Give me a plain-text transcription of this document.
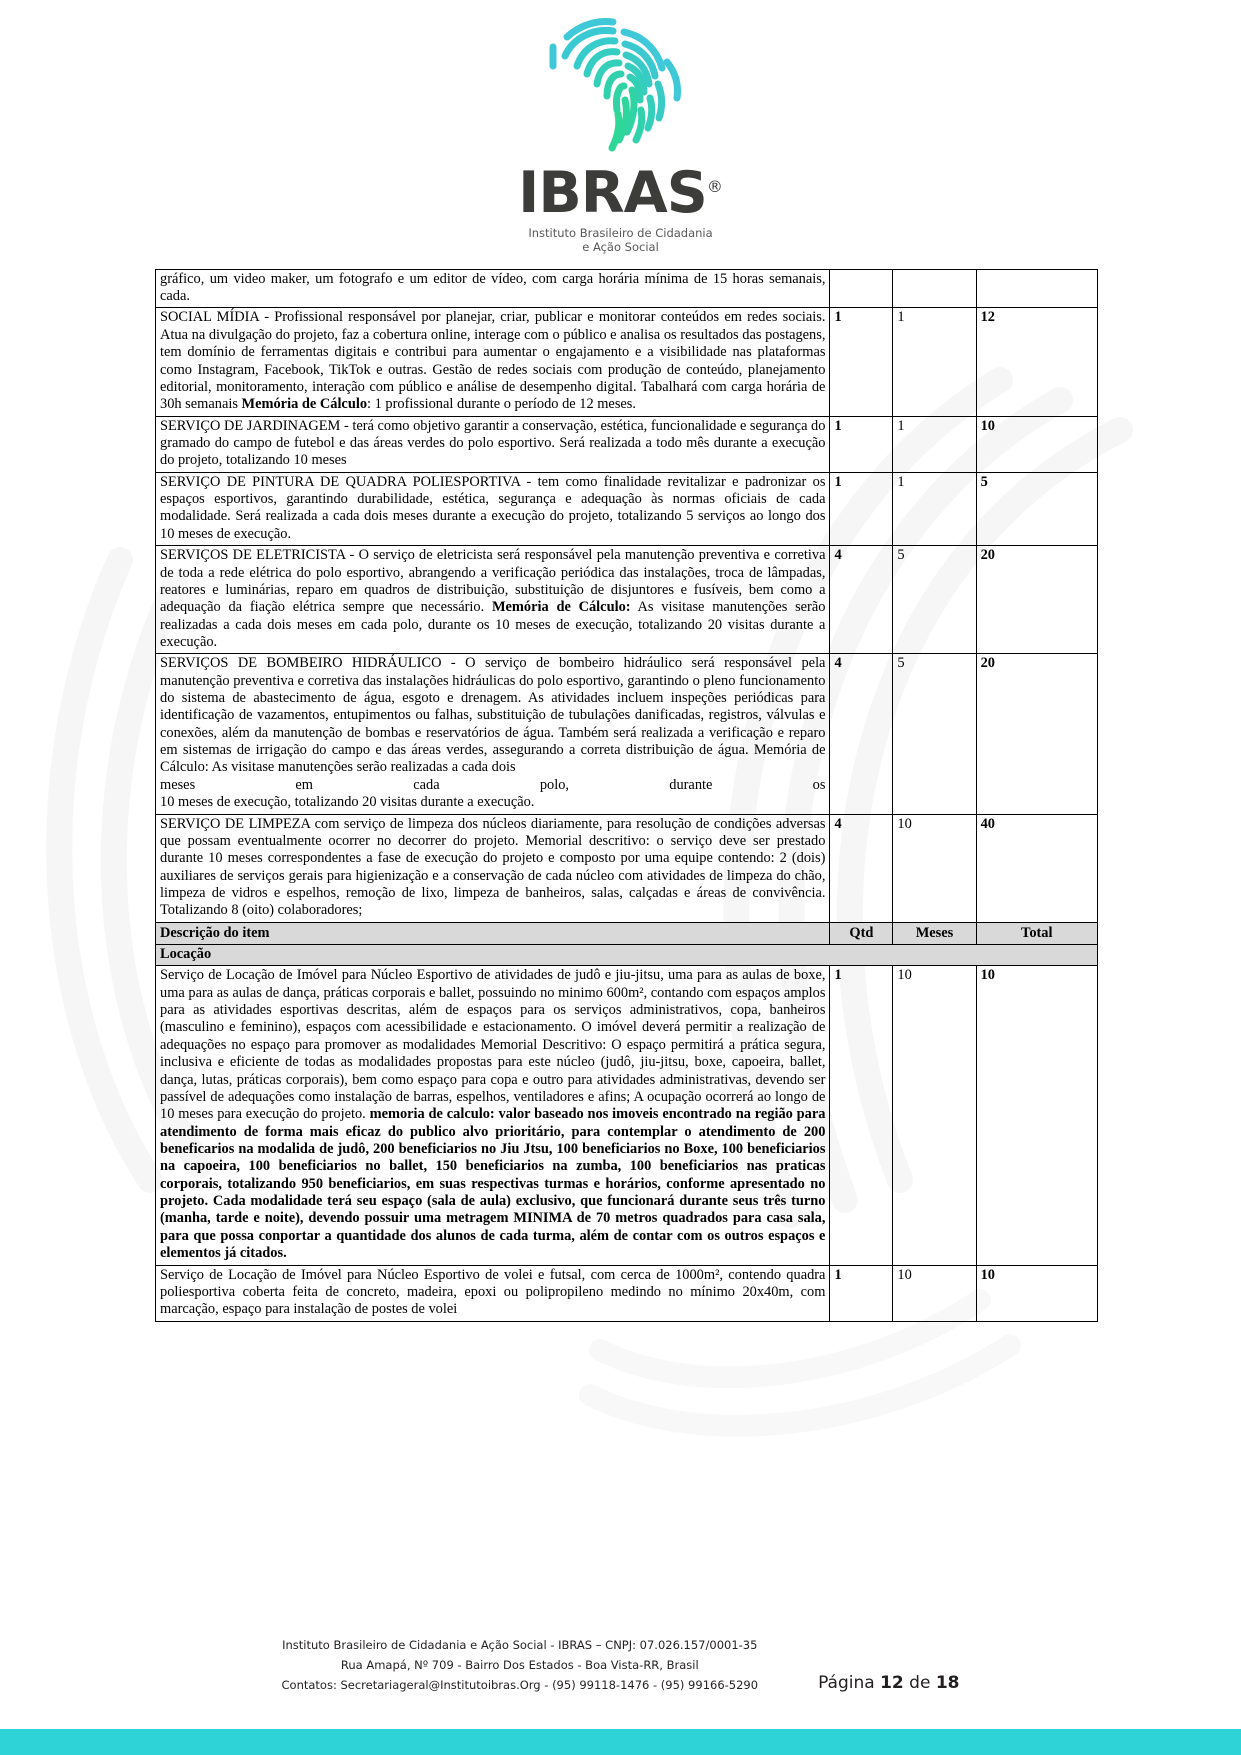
IBRAS®
Instituto Brasileiro de Cidadania
e Ação Social
gráfico, um video maker, um fotografo e um editor de vídeo, com carga horária mínima de 15 horas semanais, cada.			

SOCIAL MÍDIA - Profissional responsável por planejar, criar, publicar e monitorar conteúdos em redes sociais. Atua na divulgação do projeto, faz a cobertura online, interage com o público e analisa os resultados das postagens, tem domínio de ferramentas digitais e contribui para aumentar o engajamento e a visibilidade nas plataformas como Instagram, Facebook, TikTok e outras. Gestão de redes sociais com produção de conteúdo, planejamento editorial, monitoramento, interação com público e análise de desempenho digital. Tabalhará com carga horária de 30h semanais Memória de Cálculo: 1 profissional durante o período de 12 meses.	1	1	12

SERVIÇO DE JARDINAGEM - terá como objetivo garantir a conservação, estética, funcionalidade e segurança do gramado do campo de futebol e das áreas verdes do polo esportivo. Será realizada a todo mês durante a execução do projeto, totalizando 10 meses	1	1	10

SERVIÇO DE PINTURA DE QUADRA POLIESPORTIVA - tem como finalidade revitalizar e padronizar os espaços esportivos, garantindo durabilidade, estética, segurança e adequação às normas oficiais de cada modalidade. Será realizada a cada dois meses durante a execução do projeto, totalizando 5 serviços ao longo dos 10 meses de execução.	1	1	5

SERVIÇOS DE ELETRICISTA - O serviço de eletricista será responsável pela manutenção preventiva e corretiva de toda a rede elétrica do polo esportivo, abrangendo a verificação periódica das instalações, troca de lâmpadas, reatores e luminárias, reparo em quadros de distribuição, substituição de disjuntores e fusíveis, bem como a adequação da fiação elétrica sempre que necessário. Memória de Cálculo: As visitase manutenções serão realizadas a cada dois meses em cada polo, durante os 10 meses de execução, totalizando 20 visitas durante a execução.	4	5	20

SERVIÇOS DE BOMBEIRO HIDRÁULICO - O serviço de bombeiro hidráulico será responsável pela manutenção preventiva e corretiva das instalações hidráulicas do polo esportivo, garantindo o pleno funcionamento do sistema de abastecimento de água, esgoto e drenagem. As atividades incluem inspeções periódicas para identificação de vazamentos, entupimentos ou falhas, substituição de tubulações danificadas, registros, válvulas e conexões, além da manutenção de bombas e reservatórios de água. Também será realizada a verificação e reparo em sistemas de irrigação do campo e das áreas verdes, assegurando a correta distribuição de água. Memória de Cálculo: As visitase manutenções serão realizadas a cada dois

meses em cada polo, durante os

10 meses de execução, totalizando 20 visitas durante a execução.	4	5	20

SERVIÇO DE LIMPEZA com serviço de limpeza dos núcleos diariamente, para resolução de condições adversas que possam eventualmente ocorrer no decorrer do projeto. Memorial descritivo: o serviço deve ser prestado durante 10 meses correspondentes a fase de execução do projeto e composto por uma equipe contendo: 2 (dois) auxiliares de serviços gerais para higienização e a conservação de cada núcleo com atividades de limpeza do chão, limpeza de vidros e espelhos, remoção de lixo, limpeza de banheiros, salas, calçadas e áreas de convivência. Totalizando 8 (oito) colaboradores;	4	10	40
Descrição do item	Qtd	Meses	Total
Locação			

Serviço de Locação de Imóvel para Núcleo Esportivo de atividades de judô e jiu-jitsu, uma para as aulas de boxe, uma para as aulas de dança, práticas corporais e ballet, possuindo no minimo 600m², contando com espaços amplos para as atividades esportivas descritas, além de espaços para os serviços administrativos, copa, banheiros (masculino e feminino), espaços com acessibilidade e estacionamento. O imóvel deverá permitir a realização de adequações no espaço para promover as modalidades Memorial Descritivo: O espaço permitirá a prática segura, inclusiva e eficiente de todas as modalidades propostas para este núcleo (judô, jiu-jitsu, boxe, capoeira, ballet, dança, lutas, práticas corporais), bem como espaço para copa e outro para atividades administrativas, devendo ser passível de adequações como instalação de barras, espelhos, ventiladores e afins; A ocupação ocorrerá ao longo de 10 meses para execução do projeto. memoria de calculo: valor baseado nos imoveis encontrado na região para atendimento de forma mais eficaz do publico alvo prioritário, para contemplar o atendimento de 200 beneficarios na modalida de judô, 200 beneficiarios no Jiu Jtsu, 100 beneficiarios no Boxe, 100 beneficiarios na capoeira, 100 beneficiarios no ballet, 150 beneficiarios na zumba, 100 beneficiarios nas praticas corporais, totalizando 950 beneficiarios, em suas respectivas turmas e horários, conforme apresentado no projeto. Cada modalidade terá seu espaço (sala de aula) exclusivo, que funcionará durante seus três turno (manha, tarde e noite), devendo possuir uma metragem MINIMA de 70 metros quadrados para casa sala, para que possa conportar a quantidade dos alunos de cada turma, além de contar com os outros espaços e elementos já citados.	1	10	10

Serviço de Locação de Imóvel para Núcleo Esportivo de volei e futsal, com cerca de 1000m², contendo quadra poliesportiva coberta feita de concreto, madeira, epoxi ou polipropileno medindo no mínimo 20x40m, com marcação, espaço para instalação de postes de volei	1	10	10
Instituto Brasileiro de Cidadania e Ação Social - IBRAS – CNPJ: 07.026.157/0001-35
Rua Amapá, Nº 709 - Bairro Dos Estados - Boa Vista-RR, Brasil
Contatos: Secretariageral@Institutoibras.Org - (95) 99118-1476 - (95) 99166-5290	Página 12 de 18
